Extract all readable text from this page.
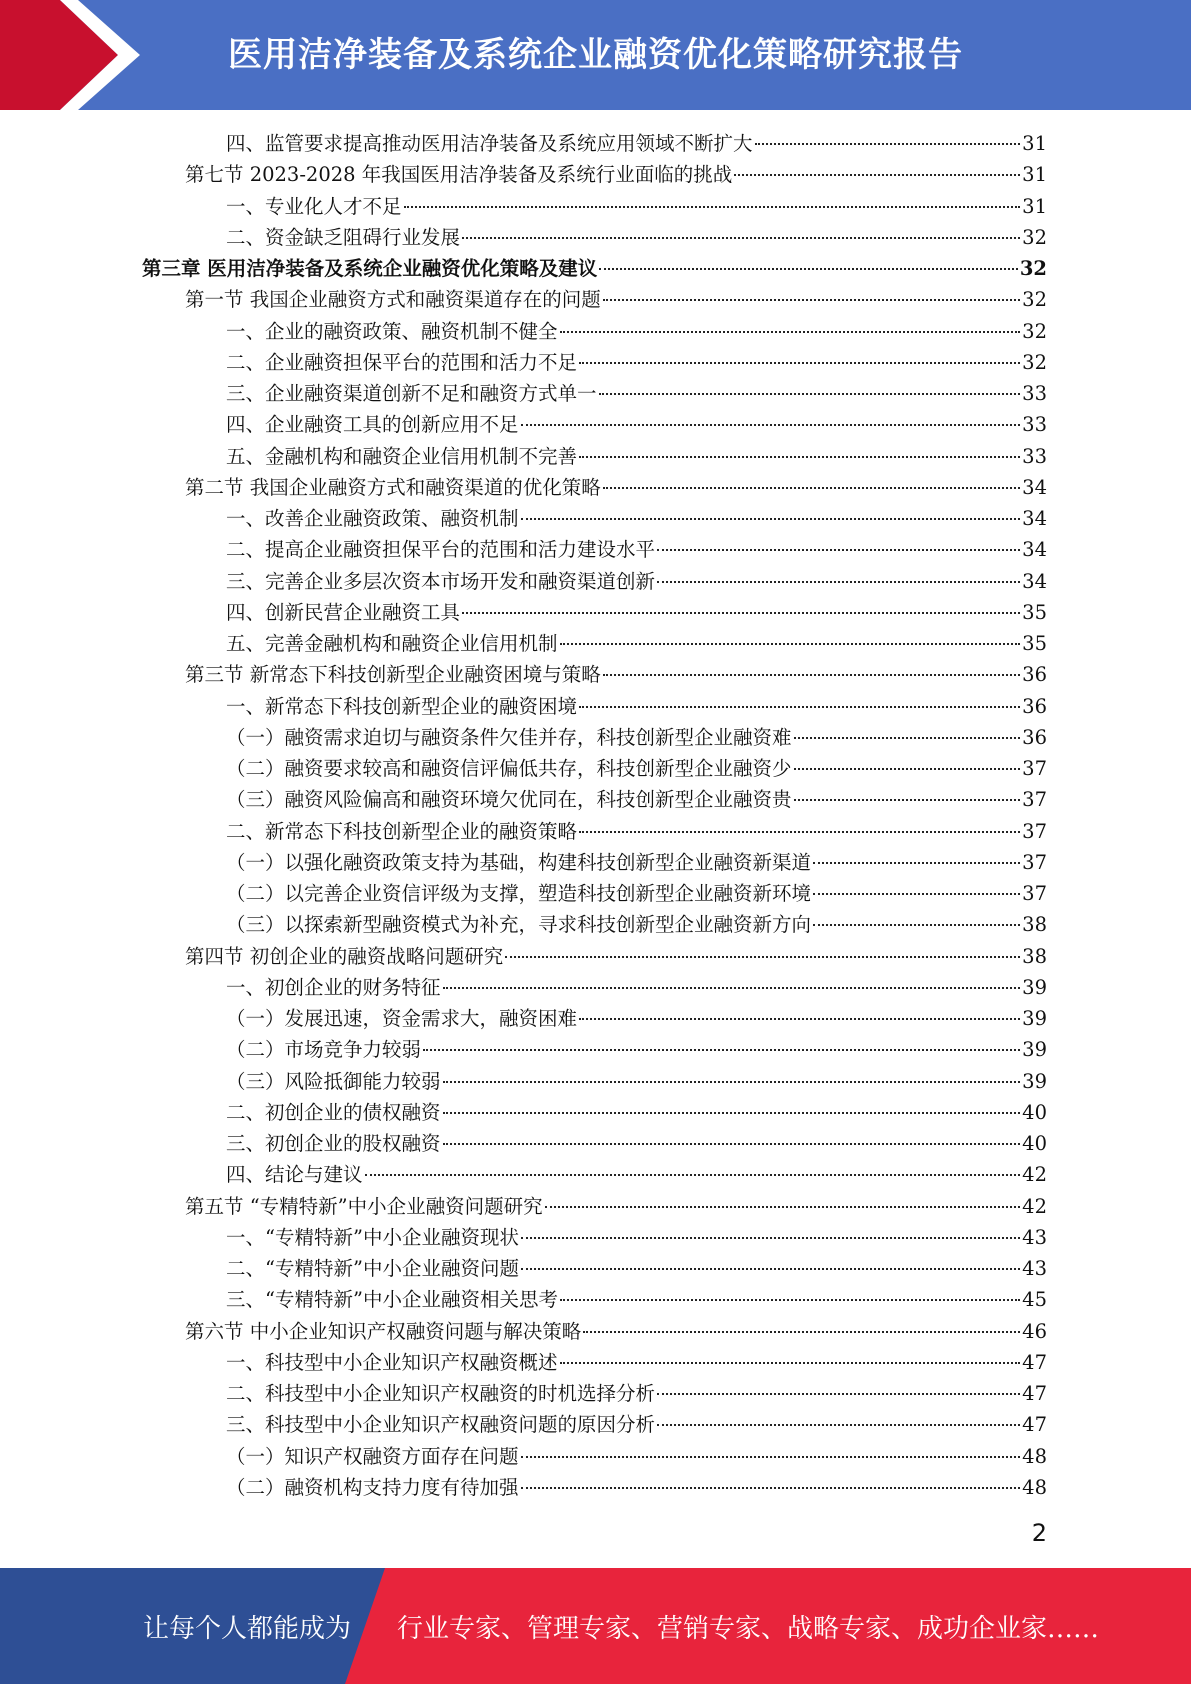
医用洁净装备及系统企业融资优化策略研究报告
四、监管要求提高推动医用洁净装备及系统应用领域不断扩大	31
第七节 2023-2028 年我国医用洁净装备及系统行业面临的挑战	31
一、专业化人才不足	31
二、资金缺乏阻碍行业发展	32
第三章 医用洁净装备及系统企业融资优化策略及建议	32
第一节 我国企业融资方式和融资渠道存在的问题	32
一、企业的融资政策、融资机制不健全	32
二、企业融资担保平台的范围和活力不足	32
三、企业融资渠道创新不足和融资方式单一	33
四、企业融资工具的创新应用不足	33
五、金融机构和融资企业信用机制不完善	33
第二节 我国企业融资方式和融资渠道的优化策略	34
一、改善企业融资政策、融资机制	34
二、提高企业融资担保平台的范围和活力建设水平	34
三、完善企业多层次资本市场开发和融资渠道创新	34
四、创新民营企业融资工具	35
五、完善金融机构和融资企业信用机制	35
第三节 新常态下科技创新型企业融资困境与策略	36
一、新常态下科技创新型企业的融资困境	36
（一）融资需求迫切与融资条件欠佳并存，科技创新型企业融资难	36
（二）融资要求较高和融资信评偏低共存，科技创新型企业融资少	37
（三）融资风险偏高和融资环境欠优同在，科技创新型企业融资贵	37
二、新常态下科技创新型企业的融资策略	37
（一）以强化融资政策支持为基础，构建科技创新型企业融资新渠道	37
（二）以完善企业资信评级为支撑，塑造科技创新型企业融资新环境	37
（三）以探索新型融资模式为补充，寻求科技创新型企业融资新方向	38
第四节 初创企业的融资战略问题研究	38
一、初创企业的财务特征	39
（一）发展迅速，资金需求大，融资困难	39
（二）市场竞争力较弱	39
（三）风险抵御能力较弱	39
二、初创企业的债权融资	40
三、初创企业的股权融资	40
四、结论与建议	42
第五节 “专精特新”中小企业融资问题研究	42
一、“专精特新”中小企业融资现状	43
二、“专精特新”中小企业融资问题	43
三、“专精特新”中小企业融资相关思考	45
第六节 中小企业知识产权融资问题与解决策略	46
一、科技型中小企业知识产权融资概述	47
二、科技型中小企业知识产权融资的时机选择分析	47
三、科技型中小企业知识产权融资问题的原因分析	47
（一）知识产权融资方面存在问题	48
（二）融资机构支持力度有待加强	48
2
让每个人都能成为 行业专家、管理专家、营销专家、战略专家、成功企业家……
